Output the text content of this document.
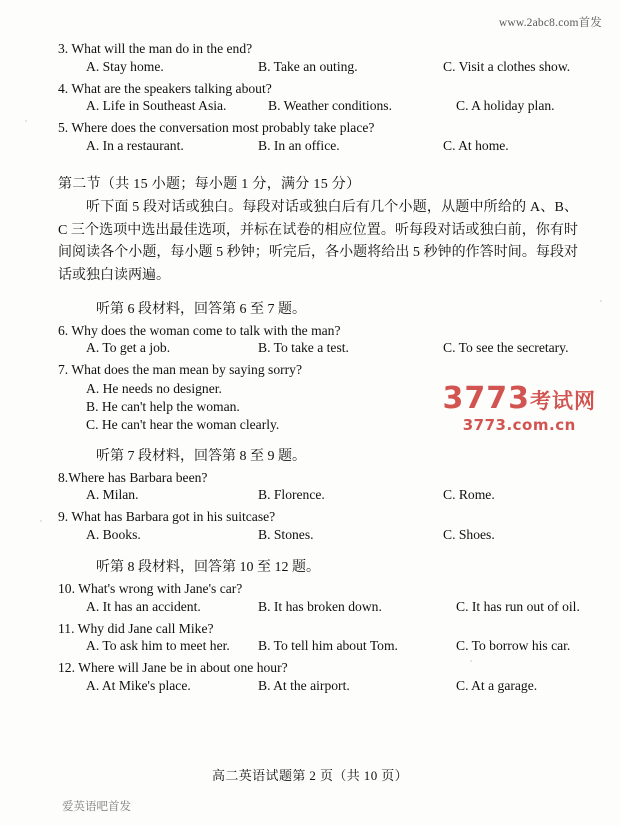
www.2abc8.com首发
3773考试网
3773.com.cn
3. What will the man do in the end?
A. Stay home.	B. Take an outing.	C. Visit a clothes show.
4. What are the speakers talking about?
A. Life in Southeast Asia.	B. Weather conditions.	C. A holiday plan.
5. Where does the conversation most probably take place?
A. In a restaurant.	B. In an office.	C. At home.
第二节（共 15 小题；每小题 1 分，满分 15 分）
听下面 5 段对话或独白。每段对话或独白后有几个小题，从题中所给的 A、B、C 三个选项中选出最佳选项，并标在试卷的相应位置。听每段对话或独白前，你有时间阅读各个小题，每小题 5 秒钟；听完后，各小题将给出 5 秒钟的作答时间。每段对话或独白读两遍。
听第 6 段材料，回答第 6 至 7 题。
6. Why does the woman come to talk with the man?
A. To get a job.	B. To take a test.	C. To see the secretary.
7. What does the man mean by saying sorry?
A. He needs no designer.
B. He can't help the woman.
C. He can't hear the woman clearly.
听第 7 段材料，回答第 8 至 9 题。
8.Where has Barbara been?
A. Milan.	B. Florence.	C. Rome.
9. What has Barbara got in his suitcase?
A. Books.	B. Stones.	C. Shoes.
听第 8 段材料，回答第 10 至 12 题。
10. What's wrong with Jane's car?
A. It has an accident.	B. It has broken down.	C. It has run out of oil.
11. Why did Jane call Mike?
A. To ask him to meet her. B. To tell him about Tom.	C. To borrow his car.
12. Where will Jane be in about one hour?
A. At Mike's place.	B. At the airport.	C. At a garage.
高二英语试题第 2 页（共 10 页）
爱英语吧首发
